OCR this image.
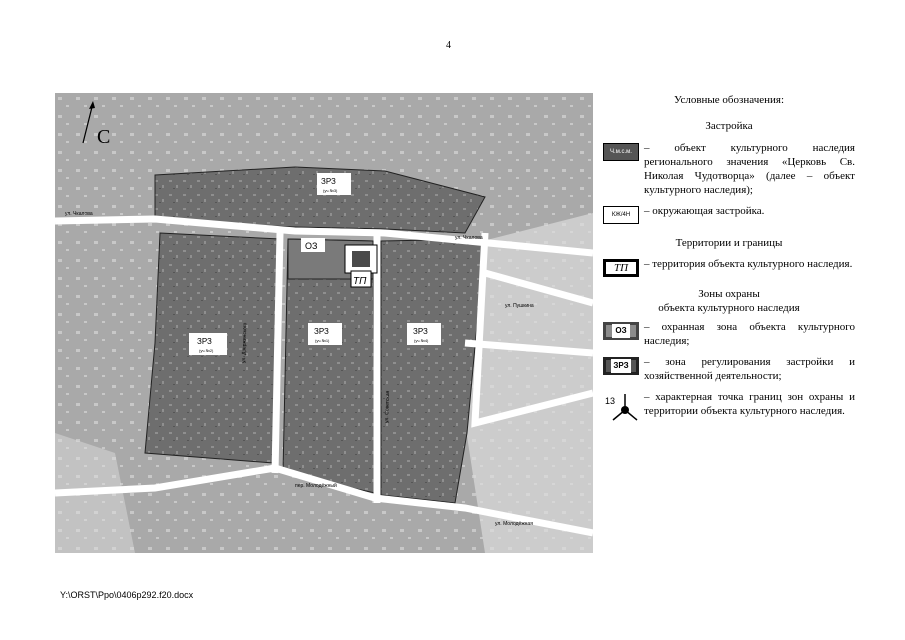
4
ТП
ЗРЗ
(уч.№3)
ЗРЗ
(уч.№2)
ЗРЗ
(уч.№1)
ЗРЗ
(уч.№4)
ОЗ
ул. Чкалова
ул. Чкалова
пер. Молодёжный
ул. Молодёжная
ул. Дзержинского
ул. Пушкина
ул. Советская
С

Условные обозначения:

Застройка

Ч.м.с.м.	– объект культурного наследия регионального значения «Церковь Св. Николая Чудотворца» (далее – объект культурного наследия);
КЖ/4Н	– окружающая застройка.

Территории и границы

ТП	– территория объекта культурного наследия.

Зоны охраны

объекта культурного наследия

ОЗ – охранная зона объекта культурного наследия;
ЗРЗ – зона регулирования застройки и хозяйственной деятельности;
13	– характерная точка границ зон охраны и территории объекта культурного наследия.
Y:\ORST\Ppo\0406p292.f20.docx
